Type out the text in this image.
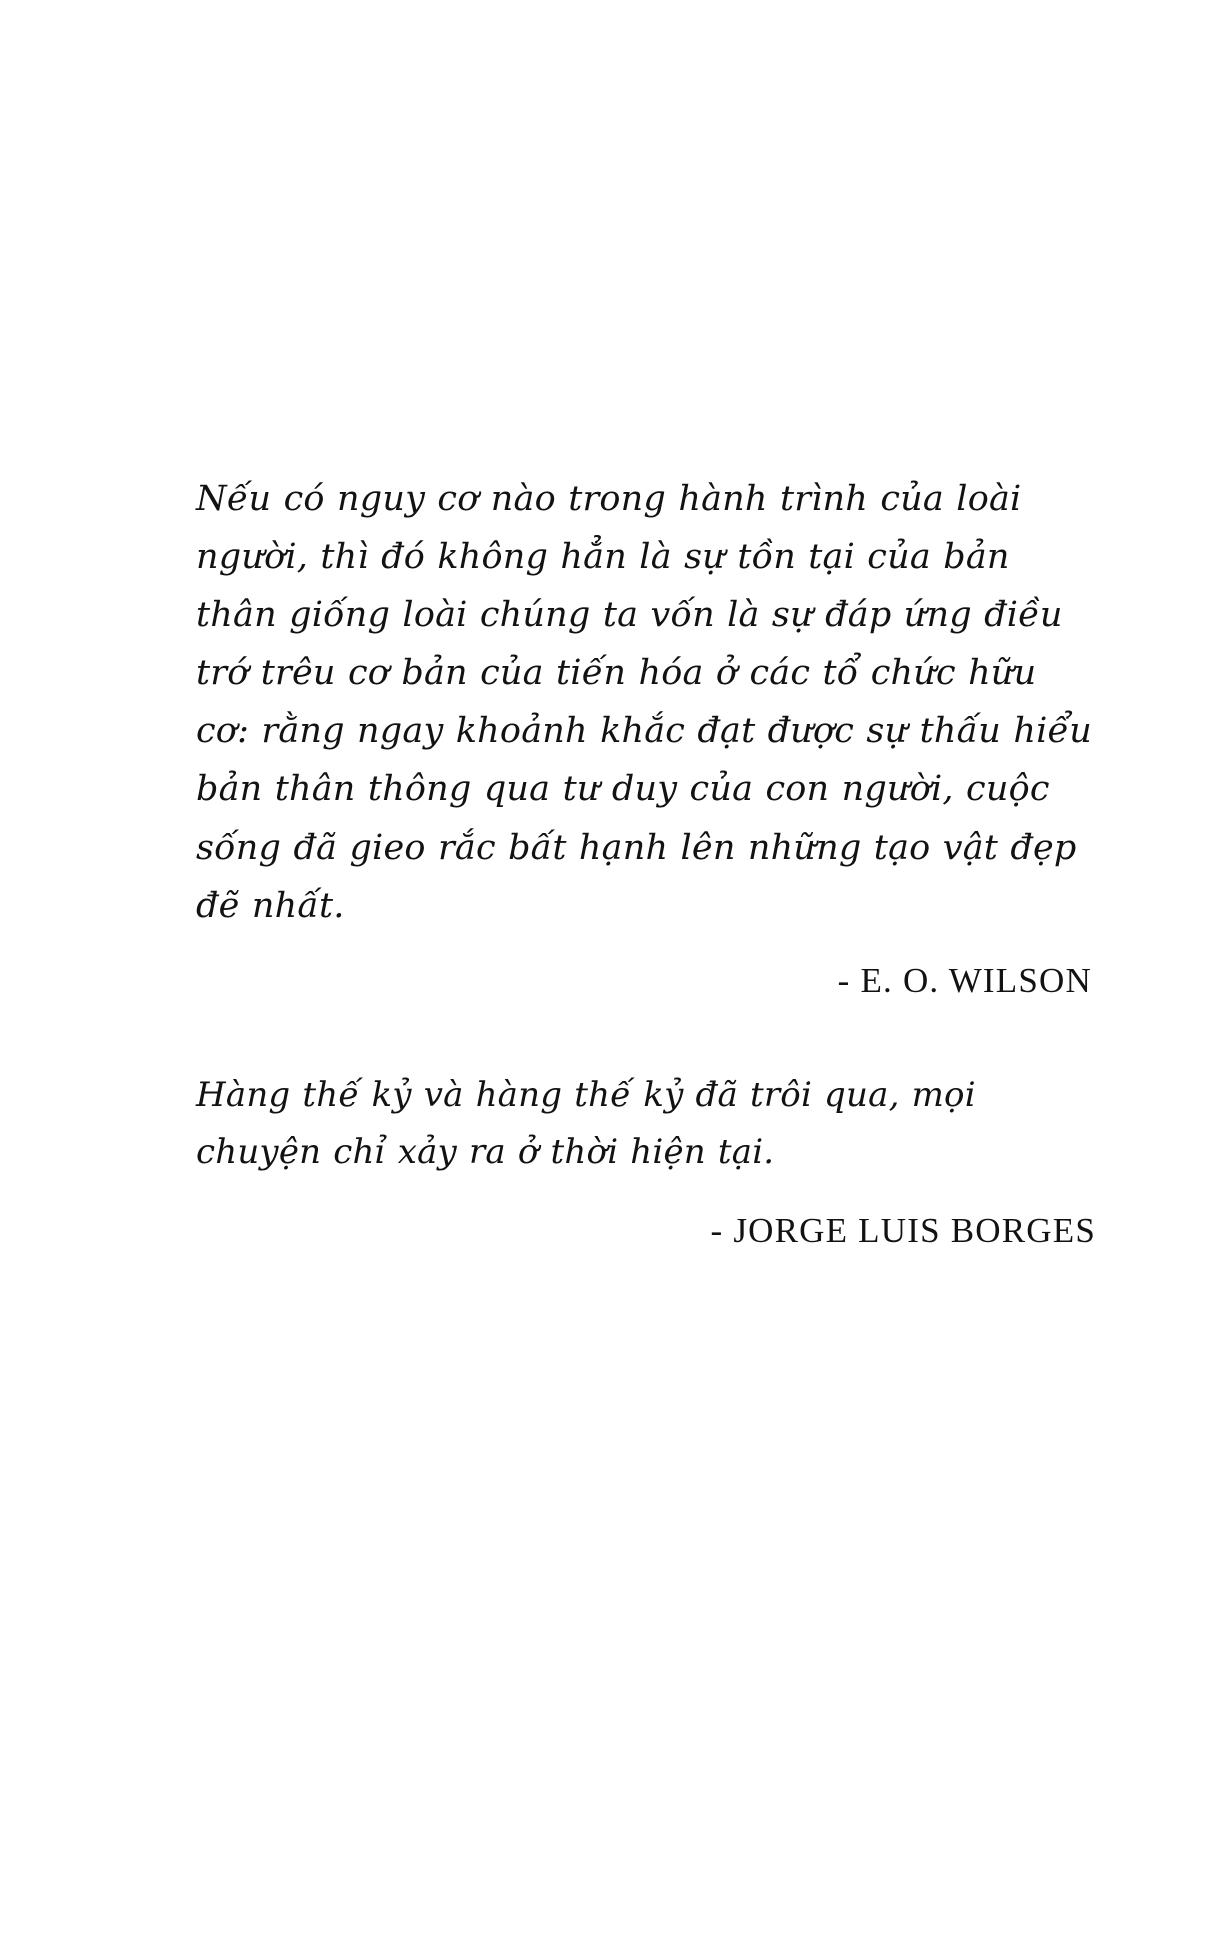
Nếu có nguy cơ nào trong hành trình của loài người, thì đó không hẳn là sự tồn tại của bản thân giống loài chúng ta vốn là sự đáp ứng điều trớ trêu cơ bản của tiến hóa ở các tổ chức hữu cơ: rằng ngay khoảnh khắc đạt được sự thấu hiểu bản thân thông qua tư duy của con người, cuộc sống đã gieo rắc bất hạnh lên những tạo vật đẹp đẽ nhất.

- E. O. WILSON

Hàng thế kỷ và hàng thế kỷ đã trôi qua, mọi chuyện chỉ xảy ra ở thời hiện tại.

- JORGE LUIS BORGES
